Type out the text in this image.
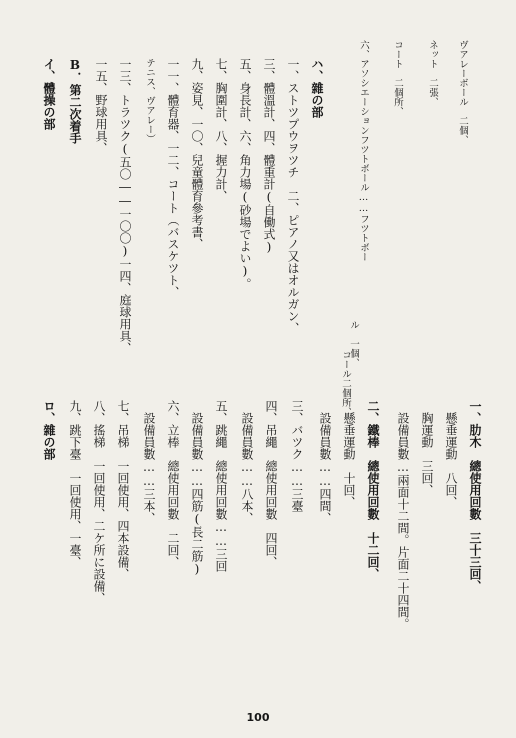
ヴアレーボール　二個、
ネット　二張、
コート　二個所、
六、アソシエーションフツトボール……フツトボー
ル　一個、
コール二個所、
ハ、雜の部
一、ストツプウヲツチ　二、ピアノ又はオルガン、
三、體溫計、四、體重計(自働式)
五、身長計、六、角力場(砂場でよい)。
七、胸圍計、八、握力計、
九、姿見、一〇、兒童體育參考書、
一一、體育器、一二、コート（バスケツト、
テニス、ヴアレー）
一三、トラツク(五〇――一〇〇)一四、庭球用具、
一五、野球用具、
B．第二次着手
イ、體操の部
一、肋木　總使用回數　三十三回、
懸垂運動　八回、
胸運動　三回、
設備員數…兩面十二間。片面二十四間。
二、鐵棒　總使用回數　十二回、
懸垂運動　十回、
設備員數……四間、
三、バツク……三臺
四、吊繩　總使用回數　四回、
設備員數……八本、
五、跳繩　總使用回數……三回
設備員數……四筋(長二筋)
六、立棒　總使用回數　二回、
設備員數……三本、
七、吊梯　一回使用、四本設備、
八、搖梯　一回使用、二ケ所に設備、
九、跳下臺　一回使用、一臺、
ロ、雜の部
100
